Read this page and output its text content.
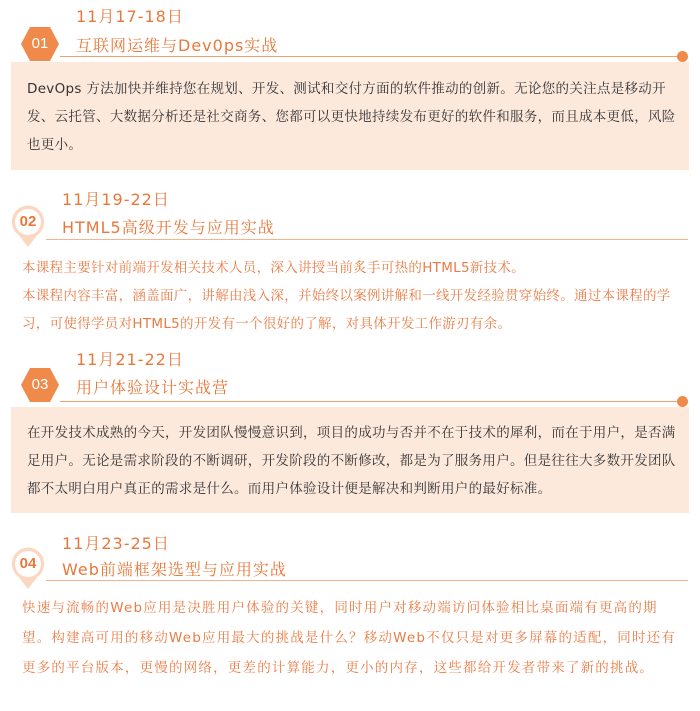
11月17-18日
01	互联网运维与Dev0ps实战

DevOps 方法加快并维持您在规划、开发、测试和交付方面的软件推动的创新。无论您的关注点是移动开发、云托管、大数据分析还是社交商务、您都可以更快地持续发布更好的软件和服务，而且成本更低，风险也更小。

11月19-22日
02	HTML5高级开发与应用实战

本课程主要针对前端开发相关技术人员，深入讲授当前炙手可热的HTML5新技术。

本课程内容丰富，涵盖面广，讲解由浅入深，并始终以案例讲解和一线开发经验贯穿始终。通过本课程的学习，可使得学员对HTML5的开发有一个很好的了解，对具体开发工作游刃有余。

11月21-22日
03	用户体验设计实战营

在开发技术成熟的今天，开发团队慢慢意识到，项目的成功与否并不在于技术的犀利，而在于用户，是否满足用户。无论是需求阶段的不断调研，开发阶段的不断修改，都是为了服务用户。但是往往大多数开发团队都不太明白用户真正的需求是什么。而用户体验设计便是解决和判断用户的最好标准。

11月23-25日
04	Web前端框架选型与应用实战

快速与流畅的Web应用是决胜用户体验的关键，同时用户对移动端访问体验相比桌面端有更高的期望。构建高可用的移动Web应用最大的挑战是什么？移动Web不仅只是对更多屏幕的适配，同时还有更多的平台版本，更慢的网络，更差的计算能力，更小的内存，这些都给开发者带来了新的挑战。
